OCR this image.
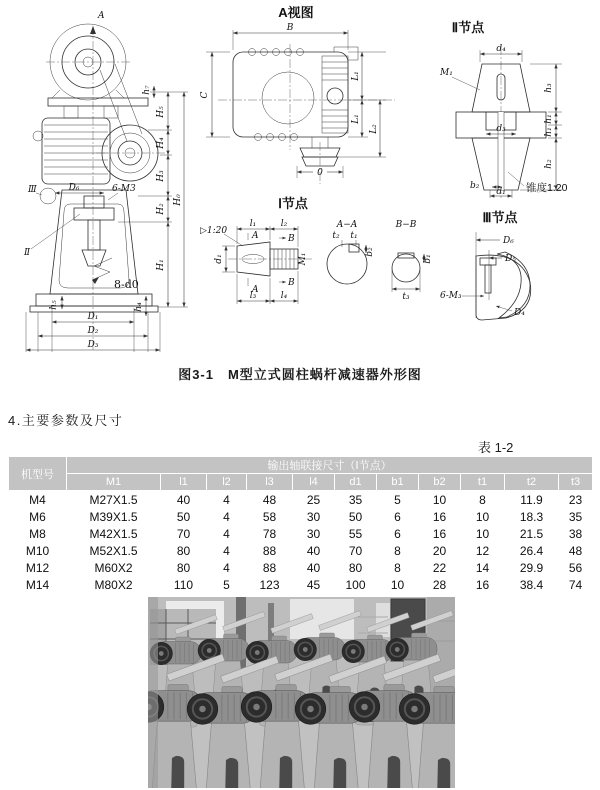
A
D₆	6-M3
Ⅲ
Ⅱ
8-d0
D₁
D₂
D₃
h₅	h₄
H₅
H₄
H₃
H₂
H₁
H₀
h₇
A视图
B
C
L₁
L₁
L₂
0
Ⅱ节点
d₄
M₁
d₃
h₃
h₁
h₁
h₂
b₂
d₁ 锥度1:20
Ⅰ节点
▷1:20
l₁	l₂
d₁
A
A
B
B
M₁
l₃	l₄
A−A
t₂ t₁
b₂
B−B
b₁
t₃
Ⅲ节点
D₆
D₅
6-M₃
D₄
图3-1　M型立式圆柱蜗杆减速器外形图
4.主要参数及尺寸
表 1-2
机型号	输出轴联接尺寸（Ⅰ节点）										
	M1	l1	l2	l3	l4	d1	b1	b2	t1	t2	t3
M4	M27X1.5	40	4	48	25	35	5	10	8	11.9	23
M6	M39X1.5	50	4	58	30	50	6	16	10	18.3	35
M8	M42X1.5	70	4	78	30	55	6	16	10	21.5	38
M10	M52X1.5	80	4	88	40	70	8	20	12	26.4	48
M12	M60X2	80	4	88	40	80	8	22	14	29.9	56
M14	M80X2	110	5	123	45	100	10	28	16	38.4	74
